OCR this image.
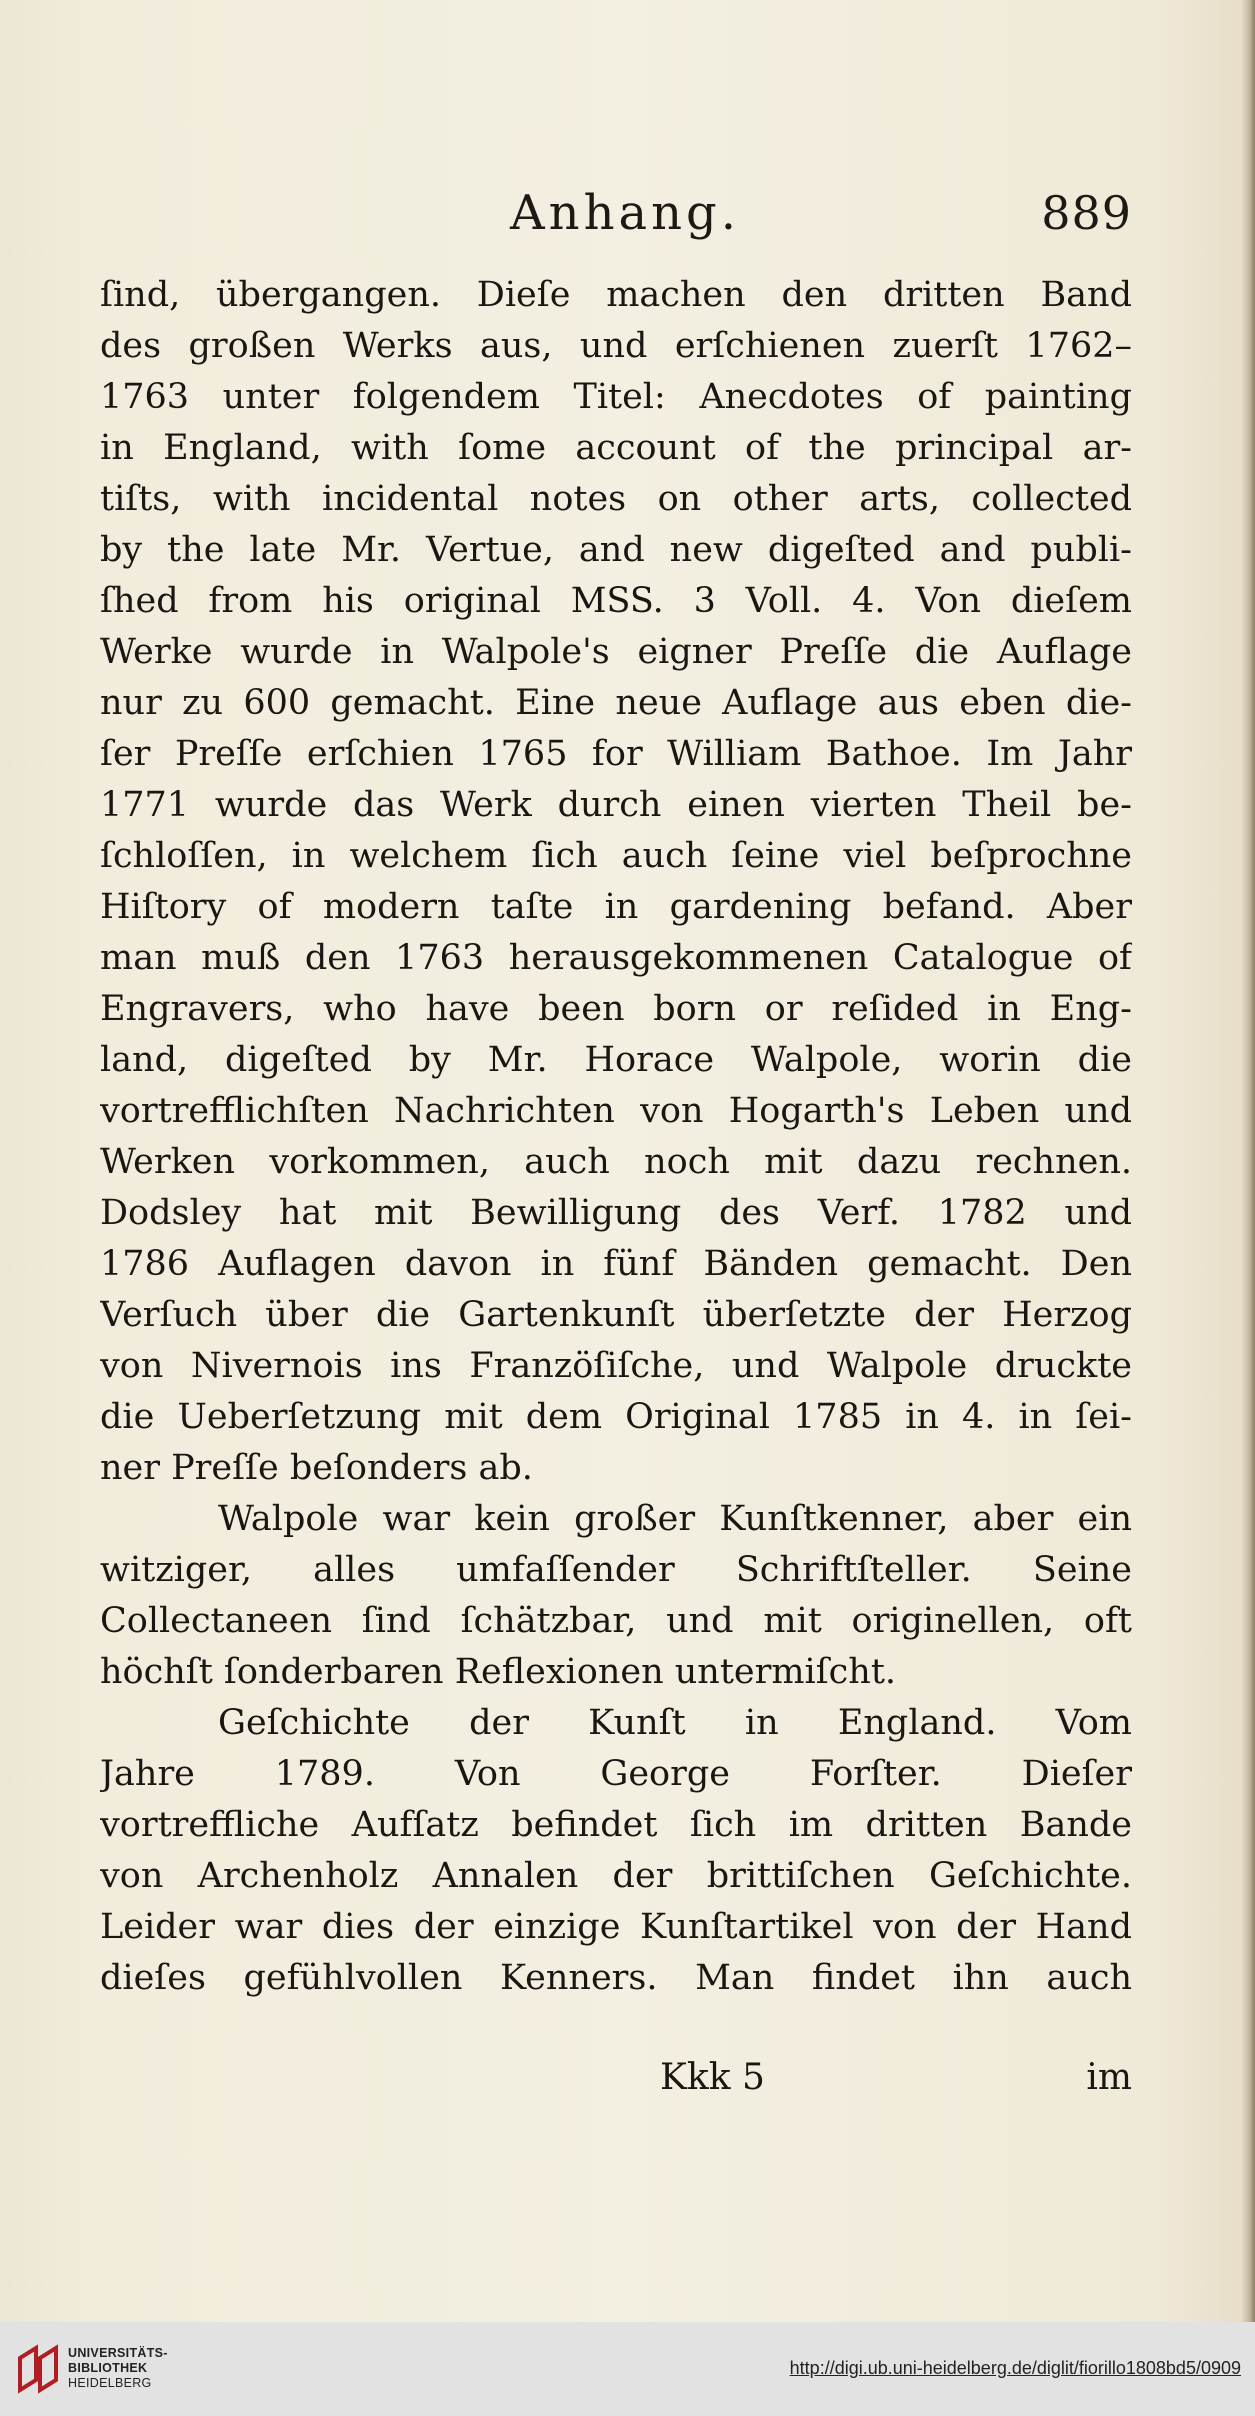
Anhang.	889
ſind, übergangen. Dieſe machen den dritten Band
des großen Werks aus, und erſchienen zuerſt 1762–
1763 unter folgendem Titel: Anecdotes of painting
in England, with ſome account of the principal ar-
tiſts, with incidental notes on other arts, collected
by the late Mr. Vertue, and new digeſted and publi-
ſhed from his original MSS. 3 Voll. 4. Von dieſem
Werke wurde in Walpole's eigner Preſſe die Auflage
nur zu 600 gemacht. Eine neue Auflage aus eben die-
ſer Preſſe erſchien 1765 for William Bathoe. Im Jahr
1771 wurde das Werk durch einen vierten Theil be-
ſchloſſen, in welchem ſich auch ſeine viel beſprochne
Hiſtory of modern taſte in gardening befand. Aber
man muß den 1763 herausgekommenen Catalogue of
Engravers, who have been born or reſided in Eng-
land, digeſted by Mr. Horace Walpole, worin die
vortrefflichſten Nachrichten von Hogarth's Leben und
Werken vorkommen, auch noch mit dazu rechnen.
Dodsley hat mit Bewilligung des Verf. 1782 und
1786 Auflagen davon in fünf Bänden gemacht. Den
Verſuch über die Gartenkunſt überſetzte der Herzog
von Nivernois ins Franzöſiſche, und Walpole druckte
die Ueberſetzung mit dem Original 1785 in 4. in ſei-
ner Preſſe beſonders ab.
Walpole war kein großer Kunſtkenner, aber ein
witziger, alles umfaſſender Schriftſteller. Seine
Collectaneen ſind ſchätzbar, und mit originellen, oft
höchſt ſonderbaren Reflexionen untermiſcht.
Geſchichte der Kunſt in England. Vom
Jahre 1789. Von George Forſter. Dieſer
vortreffliche Aufſatz befindet ſich im dritten Bande
von Archenholz Annalen der brittiſchen Geſchichte.
Leider war dies der einzige Kunſtartikel von der Hand
dieſes gefühlvollen Kenners. Man findet ihn auch
Kkk 5	im
UNIVERSITÄTS-
BIBLIOTHEK
HEIDELBERG
http://digi.ub.uni-heidelberg.de/diglit/fiorillo1808bd5/0909
